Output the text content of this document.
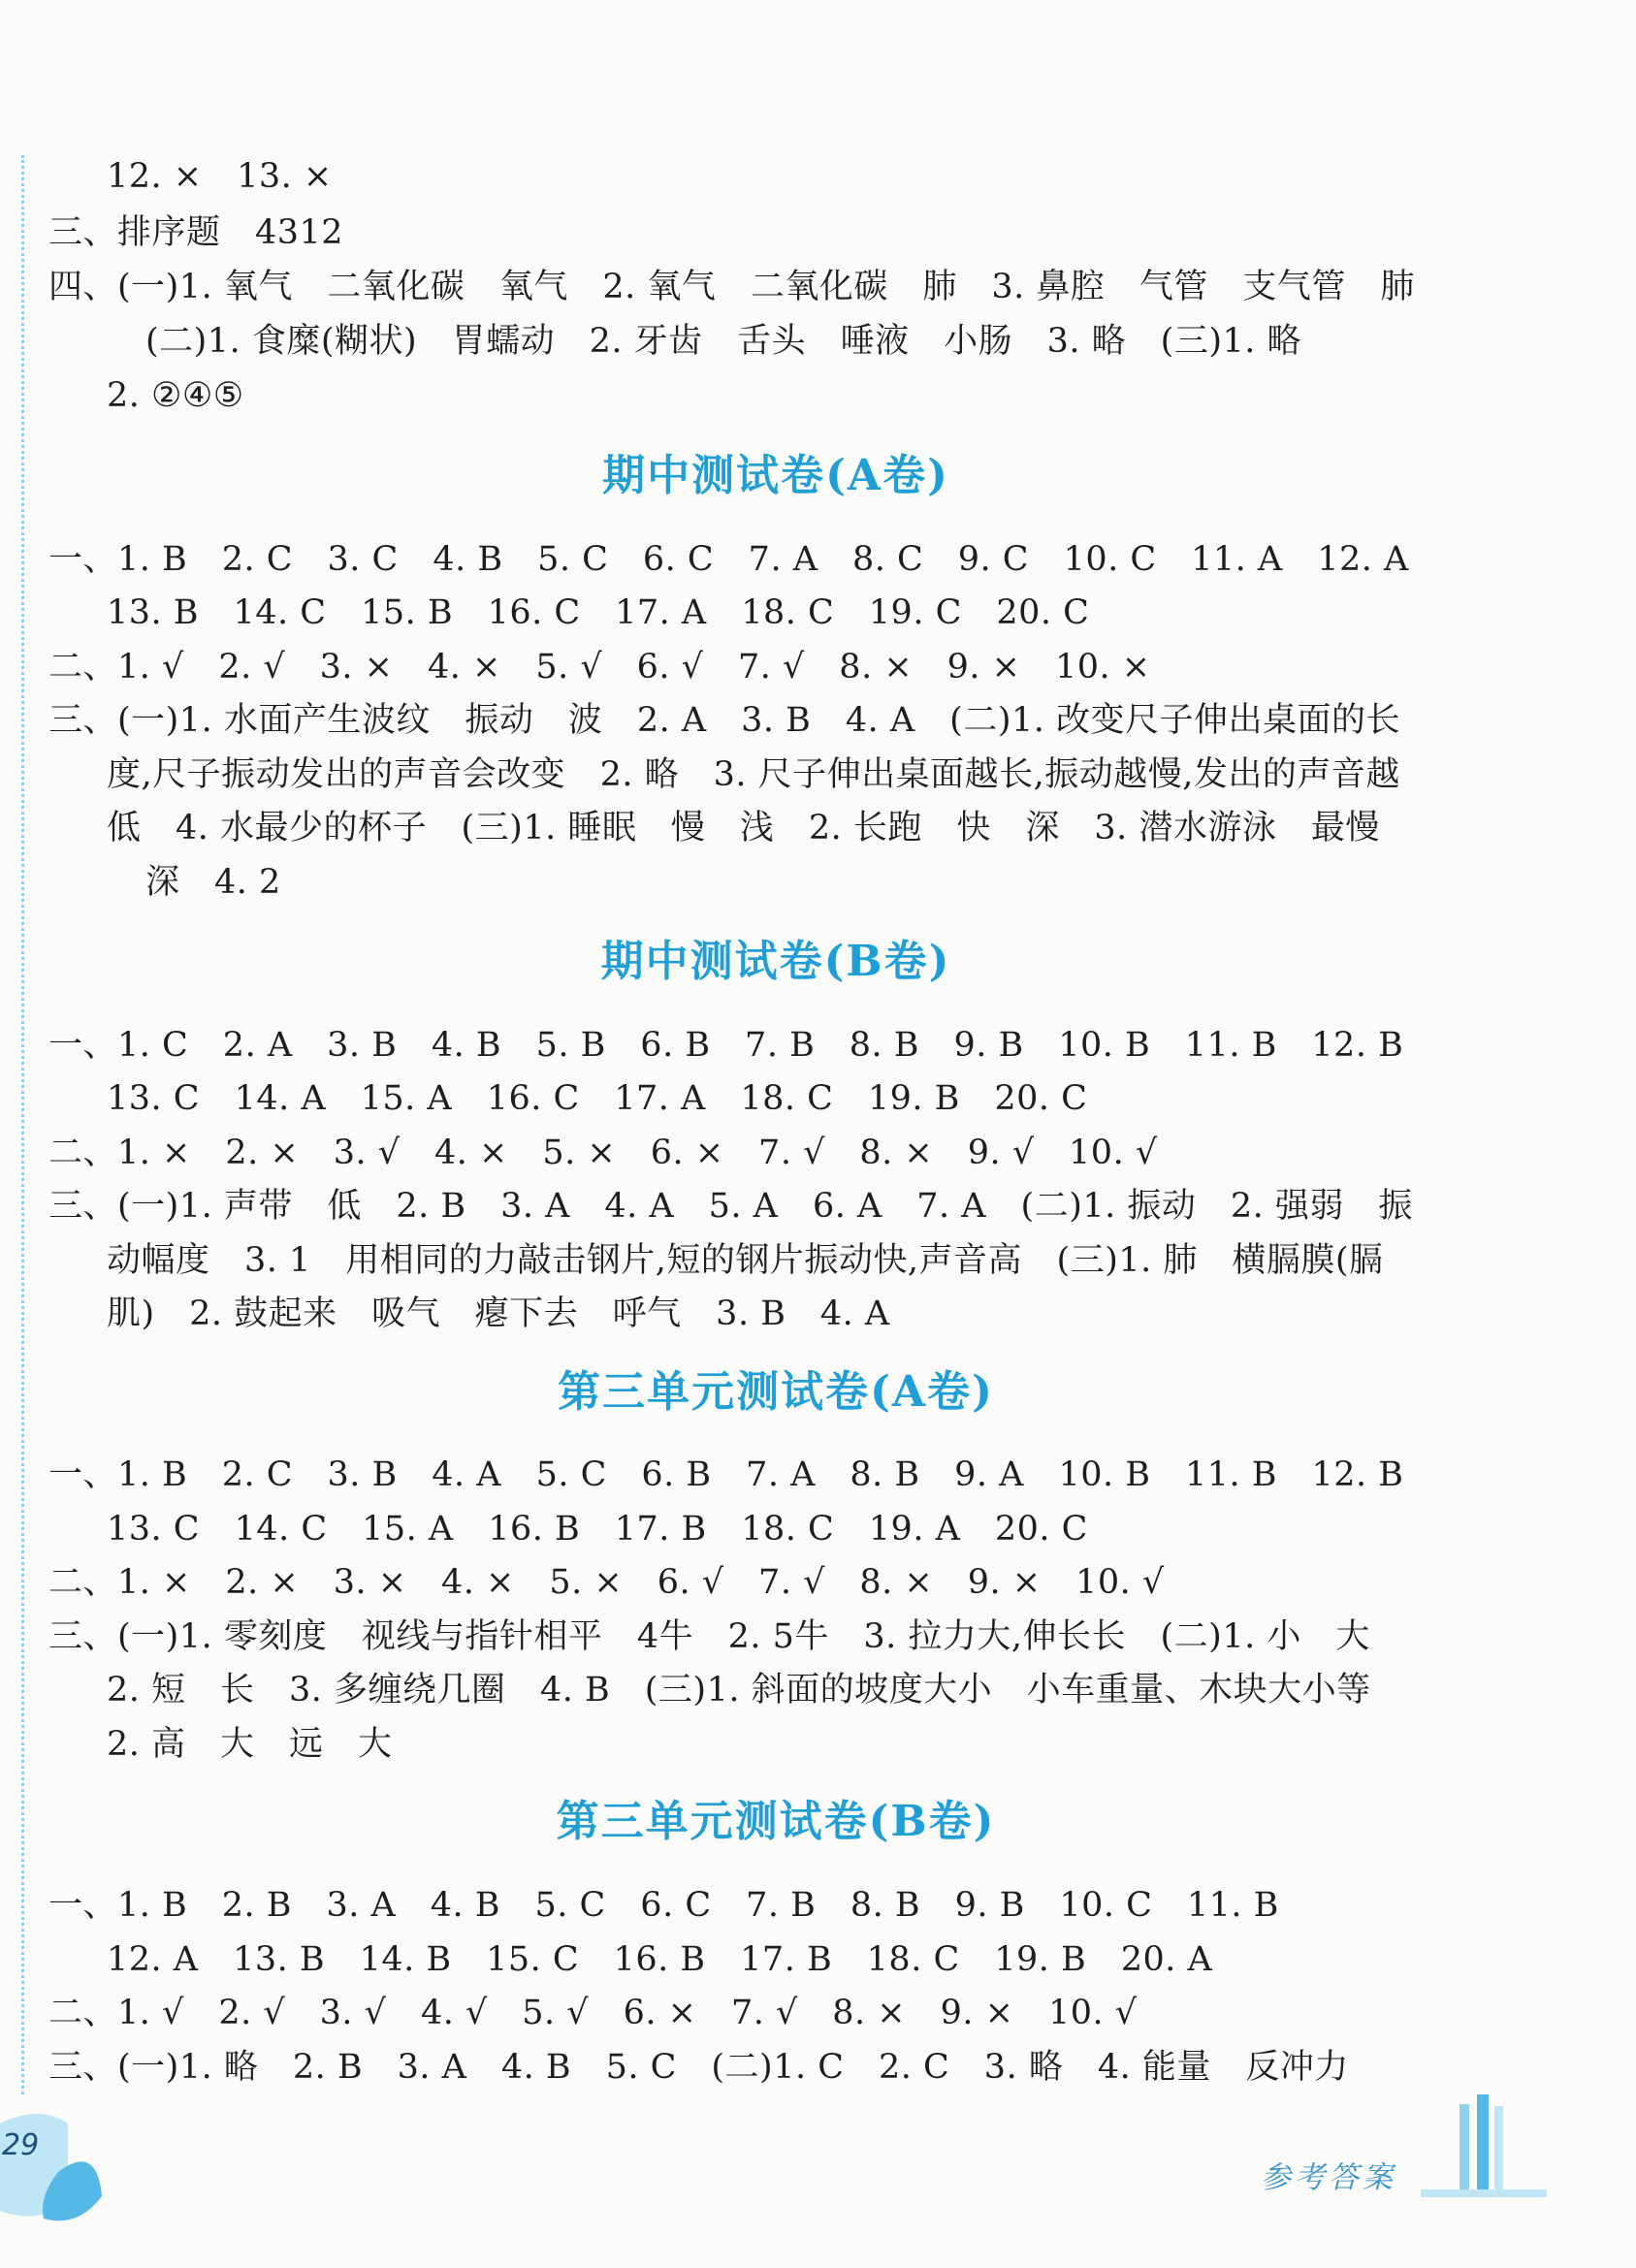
12. ×　13. ×
三、排序题　4312
四、(一)1. 氧气　二氧化碳　氧气　2. 氧气　二氧化碳　肺　3. 鼻腔　气管　支气管　肺
(二)1. 食糜(糊状)　胃蠕动　2. 牙齿　舌头　唾液　小肠　3. 略　(三)1. 略
2. ②④⑤
期中测试卷(A卷)
一、1. B　2. C　3. C　4. B　5. C　6. C　7. A　8. C　9. C　10. C　11. A　12. A
13. B　14. C　15. B　16. C　17. A　18. C　19. C　20. C
二、1. √　2. √　3. ×　4. ×　5. √　6. √　7. √　8. ×　9. ×　10. ×
三、(一)1. 水面产生波纹　振动　波　2. A　3. B　4. A　(二)1. 改变尺子伸出桌面的长
度,尺子振动发出的声音会改变　2. 略　3. 尺子伸出桌面越长,振动越慢,发出的声音越
低　4. 水最少的杯子　(三)1. 睡眠　慢　浅　2. 长跑　快　深　3. 潜水游泳　最慢
深　4. 2
期中测试卷(B卷)
一、1. C　2. A　3. B　4. B　5. B　6. B　7. B　8. B　9. B　10. B　11. B　12. B
13. C　14. A　15. A　16. C　17. A　18. C　19. B　20. C
二、1. ×　2. ×　3. √　4. ×　5. ×　6. ×　7. √　8. ×　9. √　10. √
三、(一)1. 声带　低　2. B　3. A　4. A　5. A　6. A　7. A　(二)1. 振动　2. 强弱　振
动幅度　3. 1　用相同的力敲击钢片,短的钢片振动快,声音高　(三)1. 肺　横膈膜(膈
肌)　2. 鼓起来　吸气　瘪下去　呼气　3. B　4. A
第三单元测试卷(A卷)
一、1. B　2. C　3. B　4. A　5. C　6. B　7. A　8. B　9. A　10. B　11. B　12. B
13. C　14. C　15. A　16. B　17. B　18. C　19. A　20. C
二、1. ×　2. ×　3. ×　4. ×　5. ×　6. √　7. √　8. ×　9. ×　10. √
三、(一)1. 零刻度　视线与指针相平　4牛　2. 5牛　3. 拉力大,伸长长　(二)1. 小　大
2. 短　长　3. 多缠绕几圈　4. B　(三)1. 斜面的坡度大小　小车重量、木块大小等
2. 高　大　远　大
第三单元测试卷(B卷)
一、1. B　2. B　3. A　4. B　5. C　6. C　7. B　8. B　9. B　10. C　11. B
12. A　13. B　14. B　15. C　16. B　17. B　18. C　19. B　20. A
二、1. √　2. √　3. √　4. √　5. √　6. ×　7. √　8. ×　9. ×　10. √
三、(一)1. 略　2. B　3. A　4. B　5. C　(二)1. C　2. C　3. 略　4. 能量　反冲力
29
参考答案
